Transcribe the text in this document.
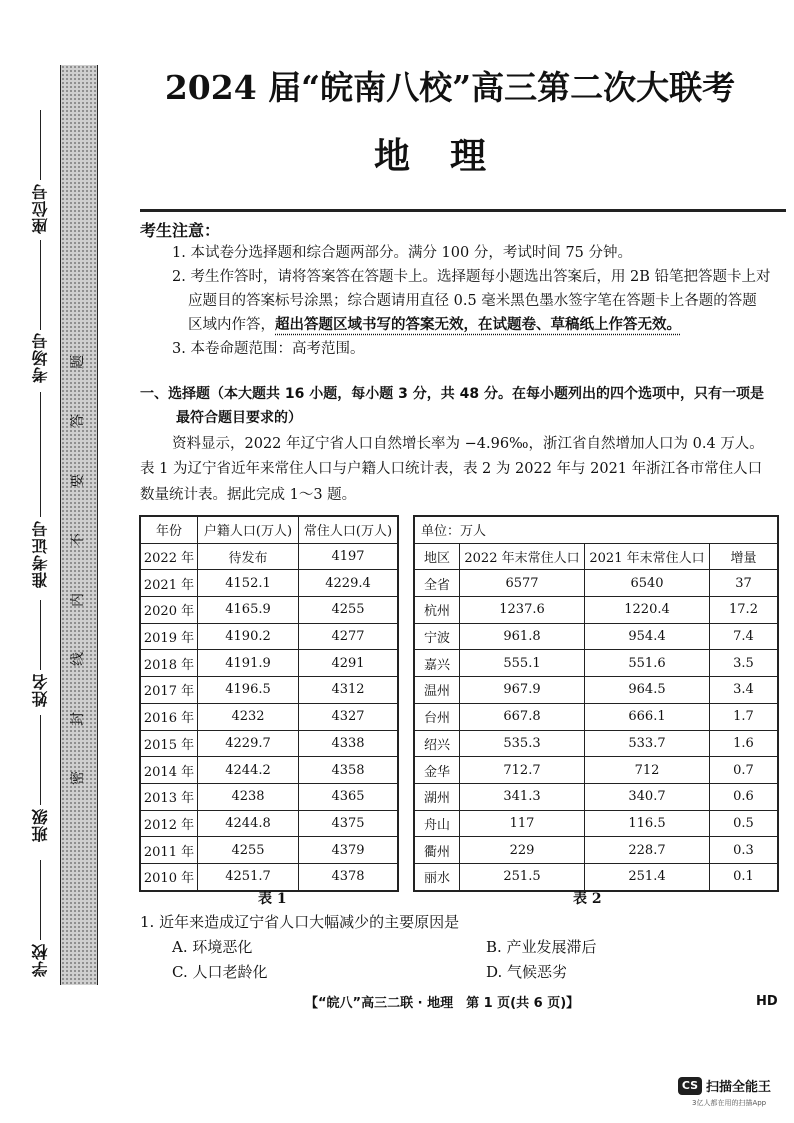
题
答
要
不
内
线
封
密
座位号
考场号
准考证号
姓名
班级
学校
2024 届“皖南八校”高三第二次大联考
地理
考生注意：
1. 本试卷分选择题和综合题两部分。满分 100 分，考试时间 75 分钟。
2. 考生作答时，请将答案答在答题卡上。选择题每小题选出答案后，用 2B 铅笔把答题卡上对
应题目的答案标号涂黑；综合题请用直径 0.5 毫米黑色墨水签字笔在答题卡上各题的答题
区域内作答，超出答题区域书写的答案无效，在试题卷、草稿纸上作答无效。
3. 本卷命题范围：高考范围。
一、选择题（本大题共 16 小题，每小题 3 分，共 48 分。在每小题列出的四个选项中，只有一项是
最符合题目要求的）
资料显示，2022 年辽宁省人口自然增长率为 −4.96‰，浙江省自然增加人口为 0.4 万人。
表 1 为辽宁省近年来常住人口与户籍人口统计表，表 2 为 2022 年与 2021 年浙江各市常住人口
数量统计表。据此完成 1～3 题。
年份	户籍人口(万人)	常住人口(万人)
2022 年	待发布	4197
2021 年	4152.1	4229.4
2020 年	4165.9	4255
2019 年	4190.2	4277
2018 年	4191.9	4291
2017 年	4196.5	4312
2016 年	4232	4327
2015 年	4229.7	4338
2014 年	4244.2	4358
2013 年	4238	4365
2012 年	4244.8	4375
2011 年	4255	4379
2010 年	4251.7	4378
表 1
单位：万人			
地区	2022 年末常住人口	2021 年末常住人口	增量
全省	6577	6540	37
杭州	1237.6	1220.4	17.2
宁波	961.8	954.4	7.4
嘉兴	555.1	551.6	3.5
温州	967.9	964.5	3.4
台州	667.8	666.1	1.7
绍兴	535.3	533.7	1.6
金华	712.7	712	0.7
湖州	341.3	340.7	0.6
舟山	117	116.5	0.5
衢州	229	228.7	0.3
丽水	251.5	251.4	0.1
表 2
1. 近年来造成辽宁省人口大幅减少的主要原因是
A. 环境恶化	B. 产业发展滞后
C. 人口老龄化	D. 气候恶劣
【“皖八”高三二联 · 地理　第 1 页(共 6 页)】	HD
CS 扫描全能王
3亿人都在用的扫描App
